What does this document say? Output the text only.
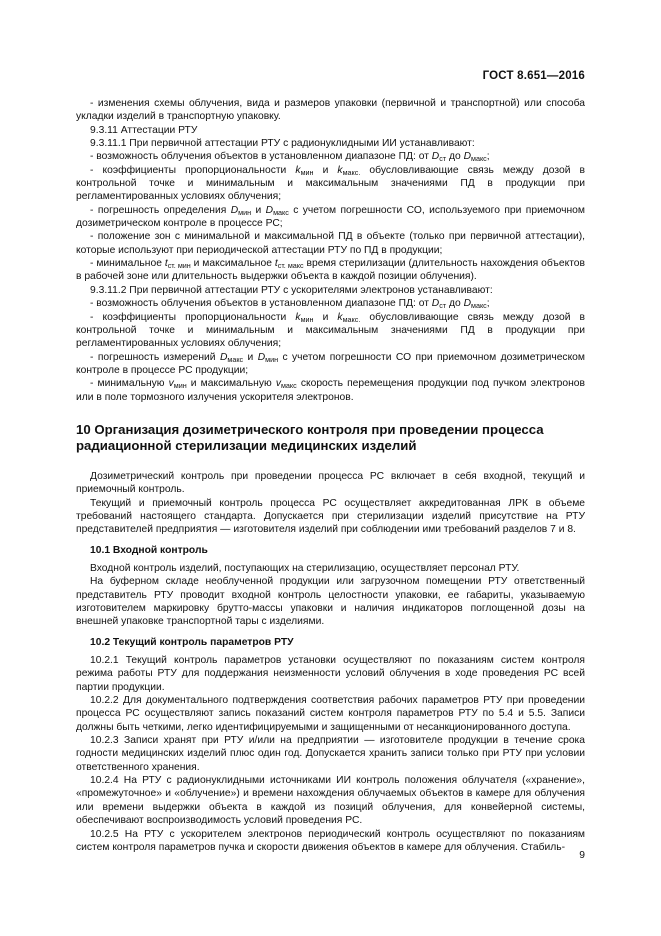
ГОСТ 8.651—2016

- изменения схемы облучения, вида и размеров упаковки (первичной и транспортной) или способа укладки изделий в транспортную упаковку.

9.3.11 Аттестации РТУ

9.3.11.1 При первичной аттестации РТУ с радионуклидными ИИ устанавливают:

- возможность облучения объектов в установленном диапазоне ПД: от $D_{ст}$ до $D_{макс}$;

- коэффициенты пропорциональности $k_{мин}$ и $k_{макс.}$ обусловливающие связь между дозой в контрольной точке и минимальным и максимальным значениями ПД в продукции при регламентированных условиях облучения;

- погрешность определения $D_{мин}$ и $D_{макс}$ с учетом погрешности СО, используемого при приемочном дозиметрическом контроле в процессе РС;

- положение зон с минимальной и максимальной ПД в объекте (только при первичной аттестации), которые используют при периодической аттестации РТУ по ПД в продукции;

- минимальное $t_{ст. мин}$ и максимальное $t_{ст. макс}$ время стерилизации (длительность нахождения объектов в рабочей зоне или длительность выдержки объекта в каждой позиции облучения).

9.3.11.2 При первичной аттестации РТУ с ускорителями электронов устанавливают:

- возможность облучения объектов в установленном диапазоне ПД: от $D_{ст}$ до $D_{макс}$;

- коэффициенты пропорциональности $k_{мин}$ и $k_{макс.}$ обусловливающие связь между дозой в контрольной точке и минимальным и максимальным значениями ПД в продукции при регламентированных условиях облучения;

- погрешность измерений $D_{макс}$ и $D_{мин}$ с учетом погрешности СО при приемочном дозиметрическом контроле в процессе РС продукции;

- минимальную $v_{мин}$ и максимальную $v_{макс}$ скорость перемещения продукции под пучком электронов или в поле тормозного излучения ускорителя электронов.

10 Организация дозиметрического контроля при проведении процесса радиационной стерилизации медицинских изделий

Дозиметрический контроль при проведении процесса РС включает в себя входной, текущий и приемочный контроль.

Текущий и приемочный контроль процесса РС осуществляет аккредитованная ЛРК в объеме требований настоящего стандарта. Допускается при стерилизации изделий присутствие на РТУ представителей предприятия — изготовителя изделий при соблюдении ими требований разделов 7 и 8.

10.1 Входной контроль

Входной контроль изделий, поступающих на стерилизацию, осуществляет персонал РТУ.

На буферном складе необлученной продукции или загрузочном помещении РТУ ответственный представитель РТУ проводит входной контроль целостности упаковки, ее габариты, указываемую изготовителем маркировку брутто-массы упаковки и наличия индикаторов поглощенной дозы на внешней упаковке транспортной тары с изделиями.

10.2 Текущий контроль параметров РТУ

10.2.1 Текущий контроль параметров установки осуществляют по показаниям систем контроля режима работы РТУ для поддержания неизменности условий облучения в ходе проведения РС всей партии продукции.

10.2.2 Для документального подтверждения соответствия рабочих параметров РТУ при проведении процесса РС осуществляют запись показаний систем контроля параметров РТУ по 5.4 и 5.5. Записи должны быть четкими, легко идентифицируемыми и защищенными от несанкционированного доступа.

10.2.3 Записи хранят при РТУ и/или на предприятии — изготовителе продукции в течение срока годности медицинских изделий плюс один год. Допускается хранить записи только при РТУ при условии ответственного хранения.

10.2.4 На РТУ с радионуклидными источниками ИИ контроль положения облучателя («хранение», «промежуточное» и «облучение») и времени нахождения облучаемых объектов в камере для облучения или времени выдержки объекта в каждой из позиций облучения, для конвейерной системы, обеспечивают воспроизводимость условий проведения РС.

10.2.5 На РТУ с ускорителем электронов периодический контроль осуществляют по показаниям систем контроля параметров пучка и скорости движения объектов в камере для облучения. Стабиль-

9
